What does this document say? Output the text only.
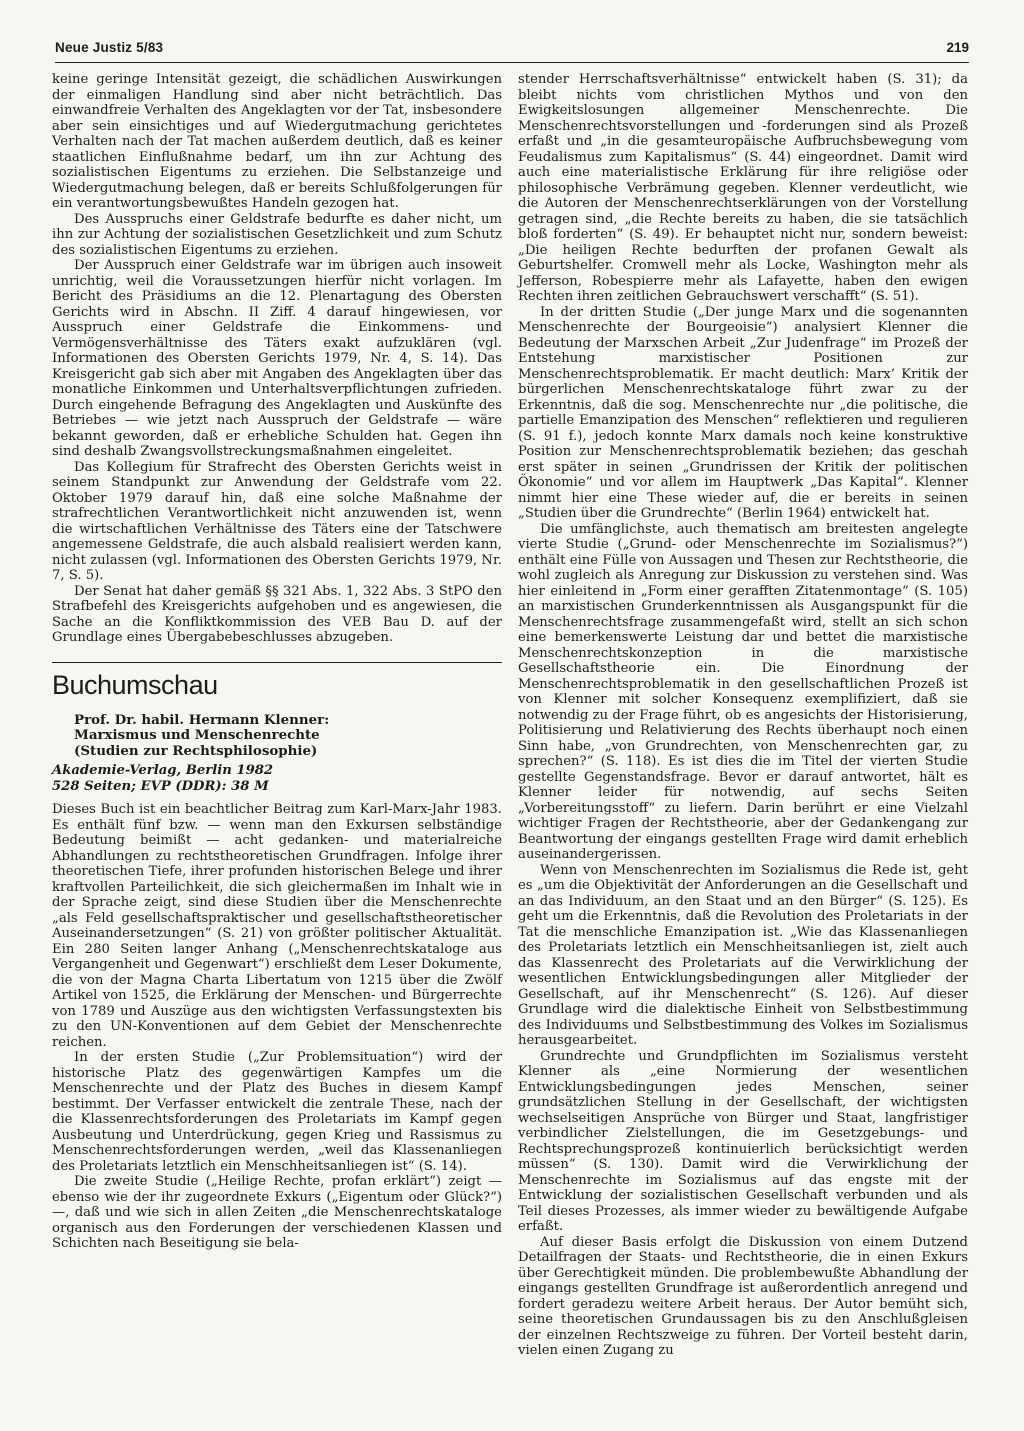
Neue Justiz 5/83	219

keine geringe Intensität gezeigt, die schädlichen Auswirkungen der einmaligen Handlung sind aber nicht beträchtlich. Das einwandfreie Verhalten des Angeklagten vor der Tat, insbesondere aber sein einsichtiges und auf Wiedergutmachung gerichtetes Verhalten nach der Tat machen außerdem deutlich, daß es keiner staatlichen Einflußnahme bedarf, um ihn zur Achtung des sozialistischen Eigentums zu erziehen. Die Selbstanzeige und Wiedergutmachung belegen, daß er bereits Schlußfolgerungen für ein verantwortungsbewußtes Handeln gezogen hat.

Des Ausspruchs einer Geldstrafe bedurfte es daher nicht, um ihn zur Achtung der sozialistischen Gesetzlichkeit und zum Schutz des sozialistischen Eigentums zu erziehen.

Der Ausspruch einer Geldstrafe war im übrigen auch insoweit unrichtig, weil die Voraussetzungen hierfür nicht vorlagen. Im Bericht des Präsidiums an die 12. Plenartagung des Obersten Gerichts wird in Abschn. II Ziff. 4 darauf hingewiesen, vor Ausspruch einer Geldstrafe die Einkommens- und Vermögensverhältnisse des Täters exakt aufzuklären (vgl. Informationen des Obersten Gerichts 1979, Nr. 4, S. 14). Das Kreisgericht gab sich aber mit Angaben des Angeklagten über das monatliche Einkommen und Unterhaltsverpflichtungen zufrieden. Durch eingehende Befragung des Angeklagten und Auskünfte des Betriebes — wie jetzt nach Ausspruch der Geldstrafe — wäre bekannt geworden, daß er erhebliche Schulden hat. Gegen ihn sind deshalb Zwangsvollstreckungsmaßnahmen eingeleitet.

Das Kollegium für Strafrecht des Obersten Gerichts weist in seinem Standpunkt zur Anwendung der Geldstrafe vom 22. Oktober 1979 darauf hin, daß eine solche Maßnahme der strafrechtlichen Verantwortlichkeit nicht anzuwenden ist, wenn die wirtschaftlichen Verhältnisse des Täters eine der Tatschwere angemessene Geldstrafe, die auch alsbald realisiert werden kann, nicht zulassen (vgl. Informationen des Obersten Gerichts 1979, Nr. 7, S. 5).

Der Senat hat daher gemäß §§ 321 Abs. 1, 322 Abs. 3 StPO den Strafbefehl des Kreisgerichts aufgehoben und es angewiesen, die Sache an die Konfliktkommission des VEB Bau D. auf der Grundlage eines Übergabebeschlusses abzugeben.

Buchumschau

Prof. Dr. habil. Hermann Klenner:

Marxismus und Menschenrechte

(Studien zur Rechtsphilosophie)

Akademie-Verlag, Berlin 1982
528 Seiten; EVP (DDR): 38 M

Dieses Buch ist ein beachtlicher Beitrag zum Karl-Marx-Jahr 1983. Es enthält fünf bzw. — wenn man den Exkursen selbständige Bedeutung beimißt — acht gedanken- und materialreiche Abhandlungen zu rechtstheoretischen Grundfragen. Infolge ihrer theoretischen Tiefe, ihrer profunden historischen Belege und ihrer kraftvollen Parteilichkeit, die sich gleichermaßen im Inhalt wie in der Sprache zeigt, sind diese Studien über die Menschenrechte „als Feld gesellschaftspraktischer und gesellschaftstheoretischer Auseinandersetzungen“ (S. 21) von größter politischer Aktualität. Ein 280 Seiten langer Anhang („Menschenrechtskataloge aus Vergangenheit und Gegenwart“) erschließt dem Leser Dokumente, die von der Magna Charta Libertatum von 1215 über die Zwölf Artikel von 1525, die Erklärung der Menschen- und Bürgerrechte von 1789 und Auszüge aus den wichtigsten Verfassungstexten bis zu den UN-Konventionen auf dem Gebiet der Menschenrechte reichen.

In der ersten Studie („Zur Problemsituation“) wird der historische Platz des gegenwärtigen Kampfes um die Menschenrechte und der Platz des Buches in diesem Kampf bestimmt. Der Verfasser entwickelt die zentrale These, nach der die Klassenrechtsforderungen des Proletariats im Kampf gegen Ausbeutung und Unterdrückung, gegen Krieg und Rassismus zu Menschenrechtsforderungen werden, „weil das Klassenanliegen des Proletariats letztlich ein Menschheitsanliegen ist“ (S. 14).

Die zweite Studie („Heilige Rechte, profan erklärt“) zeigt — ebenso wie der ihr zugeordnete Exkurs („Eigentum oder Glück?“) —, daß und wie sich in allen Zeiten „die Menschenrechtskataloge organisch aus den Forderungen der verschiedenen Klassen und Schichten nach Beseitigung sie bela-

stender Herrschaftsverhältnisse“ entwickelt haben (S. 31); da bleibt nichts vom christlichen Mythos und von den Ewigkeitslosungen allgemeiner Menschenrechte. Die Menschenrechtsvorstellungen und -forderungen sind als Prozeß erfaßt und „in die gesamteuropäische Aufbruchsbewegung vom Feudalismus zum Kapitalismus“ (S. 44) eingeordnet. Damit wird auch eine materialistische Erklärung für ihre religiöse oder philosophische Verbrämung gegeben. Klenner verdeutlicht, wie die Autoren der Menschenrechtserklärungen von der Vorstellung getragen sind, „die Rechte bereits zu haben, die sie tatsächlich bloß forderten“ (S. 49). Er behauptet nicht nur, sondern beweist: „Die heiligen Rechte bedurften der profanen Gewalt als Geburtshelfer. Cromwell mehr als Locke, Washington mehr als Jefferson, Robespierre mehr als Lafayette, haben den ewigen Rechten ihren zeitlichen Gebrauchswert verschafft“ (S. 51).

In der dritten Studie („Der junge Marx und die sogenannten Menschenrechte der Bourgeoisie“) analysiert Klenner die Bedeutung der Marxschen Arbeit „Zur Judenfrage“ im Prozeß der Entstehung marxistischer Positionen zur Menschenrechtsproblematik. Er macht deutlich: Marx’ Kritik der bürgerlichen Menschenrechtskataloge führt zwar zu der Erkenntnis, daß die sog. Menschenrechte nur „die politische, die partielle Emanzipation des Menschen“ reflektieren und regulieren (S. 91 f.), jedoch konnte Marx damals noch keine konstruktive Position zur Menschenrechtsproblematik beziehen; das geschah erst später in seinen „Grundrissen der Kritik der politischen Ökonomie“ und vor allem im Hauptwerk „Das Kapital“. Klenner nimmt hier eine These wieder auf, die er bereits in seinen „Studien über die Grundrechte“ (Berlin 1964) entwickelt hat.

Die umfänglichste, auch thematisch am breitesten angelegte vierte Studie („Grund- oder Menschenrechte im Sozialismus?“) enthält eine Fülle von Aussagen und Thesen zur Rechtstheorie, die wohl zugleich als Anregung zur Diskussion zu verstehen sind. Was hier einleitend in „Form einer gerafften Zitatenmontage“ (S. 105) an marxistischen Grunderkenntnissen als Ausgangspunkt für die Menschenrechtsfrage zusammengefaßt wird, stellt an sich schon eine bemerkenswerte Leistung dar und bettet die marxistische Menschenrechtskonzeption in die marxistische Gesellschaftstheorie ein. Die Einordnung der Menschenrechtsproblematik in den gesellschaftlichen Prozeß ist von Klenner mit solcher Konsequenz exemplifiziert, daß sie notwendig zu der Frage führt, ob es angesichts der Historisierung, Politisierung und Relativierung des Rechts überhaupt noch einen Sinn habe, „von Grundrechten, von Menschenrechten gar, zu sprechen?“ (S. 118). Es ist dies die im Titel der vierten Studie gestellte Gegenstandsfrage. Bevor er darauf antwortet, hält es Klenner leider für notwendig, auf sechs Seiten „Vorbereitungsstoff“ zu liefern. Darin berührt er eine Vielzahl wichtiger Fragen der Rechtstheorie, aber der Gedankengang zur Beantwortung der eingangs gestellten Frage wird damit erheblich auseinandergerissen.

Wenn von Menschenrechten im Sozialismus die Rede ist, geht es „um die Objektivität der Anforderungen an die Gesellschaft und an das Individuum, an den Staat und an den Bürger“ (S. 125). Es geht um die Erkenntnis, daß die Revolution des Proletariats in der Tat die menschliche Emanzipation ist. „Wie das Klassenanliegen des Proletariats letztlich ein Menschheitsanliegen ist, zielt auch das Klassenrecht des Proletariats auf die Verwirklichung der wesentlichen Entwicklungsbedingungen aller Mitglieder der Gesellschaft, auf ihr Menschenrecht“ (S. 126). Auf dieser Grundlage wird die dialektische Einheit von Selbstbestimmung des Individuums und Selbstbestimmung des Volkes im Sozialismus herausgearbeitet.

Grundrechte und Grundpflichten im Sozialismus versteht Klenner als „eine Normierung der wesentlichen Entwicklungsbedingungen jedes Menschen, seiner grundsätzlichen Stellung in der Gesellschaft, der wichtigsten wechselseitigen Ansprüche von Bürger und Staat, langfristiger verbindlicher Zielstellungen, die im Gesetzgebungs- und Rechtsprechungsprozeß kontinuierlich berücksichtigt werden müssen“ (S. 130). Damit wird die Verwirklichung der Menschenrechte im Sozialismus auf das engste mit der Entwicklung der sozialistischen Gesellschaft verbunden und als Teil dieses Prozesses, als immer wieder zu bewältigende Aufgabe erfaßt.

Auf dieser Basis erfolgt die Diskussion von einem Dutzend Detailfragen der Staats- und Rechtstheorie, die in einen Exkurs über Gerechtigkeit münden. Die problembewußte Abhandlung der eingangs gestellten Grundfrage ist außerordentlich anregend und fordert geradezu weitere Arbeit heraus. Der Autor bemüht sich, seine theoretischen Grundaussagen bis zu den Anschlußgleisen der einzelnen Rechtszweige zu führen. Der Vorteil besteht darin, vielen einen Zugang zu
